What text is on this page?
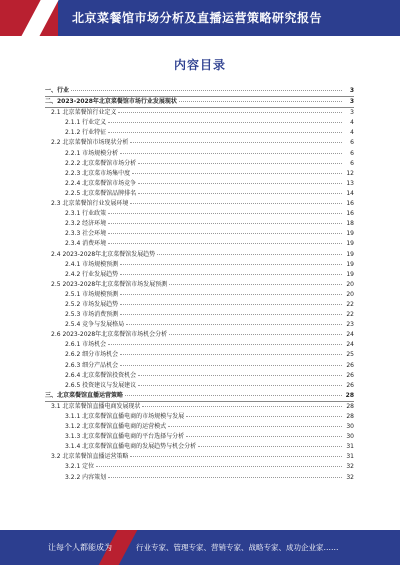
北京菜餐馆市场分析及直播运营策略研究报告
内容目录
一、行业	3
二、2023-2028年北京菜餐馆市场行业发展现状	3
2.1 北京菜餐馆行业定义	3
2.1.1 行业定义	4
2.1.2 行业特征	4
2.2 北京菜餐馆市场现状分析	6
2.2.1 市场规模分析	6
2.2.2 北京菜餐馆市场分析	6
2.2.3 北京菜市场集中度	12
2.2.4 北京菜餐馆市场竞争	13
2.2.5 北京菜餐馆品牌排名	14
2.3 北京菜餐馆行业发展环境	16
2.3.1 行业政策	16
2.3.2 经济环境	18
2.3.3 社会环境	19
2.3.4 消费环境	19
2.4 2023-2028年北京菜餐馆发展趋势	19
2.4.1 市场规模预测	19
2.4.2 行业发展趋势	19
2.5 2023-2028年北京菜餐馆市场发展预测	20
2.5.1 市场规模预测	20
2.5.2 市场发展趋势	22
2.5.3 市场消费预测	22
2.5.4 竞争与发展格局	23
2.6 2023-2028年北京菜餐馆市场机会分析	24
2.6.1 市场机会	24
2.6.2 细分市场机会	25
2.6.3 细分产品机会	26
2.6.4 北京菜餐馆投资机会	26
2.6.5 投资建议与发展建议	26
三、北京菜餐馆直播运营策略	28
3.1 北京菜餐馆直播电商发展现状	28
3.1.1 北京菜餐馆直播电商的市场规模与发展	28
3.1.2 北京菜餐馆直播电商的运营模式	30
3.1.3 北京菜餐馆直播电商的平台选择与分析	30
3.1.4 北京菜餐馆直播电商的发展趋势与机会分析	31
3.2 北京菜餐馆直播运营策略	31
3.2.1 定位	32
3.2.2 内容策划	32
让每个人都能成为	行业专家、管理专家、营销专家、战略专家、成功企业家……
